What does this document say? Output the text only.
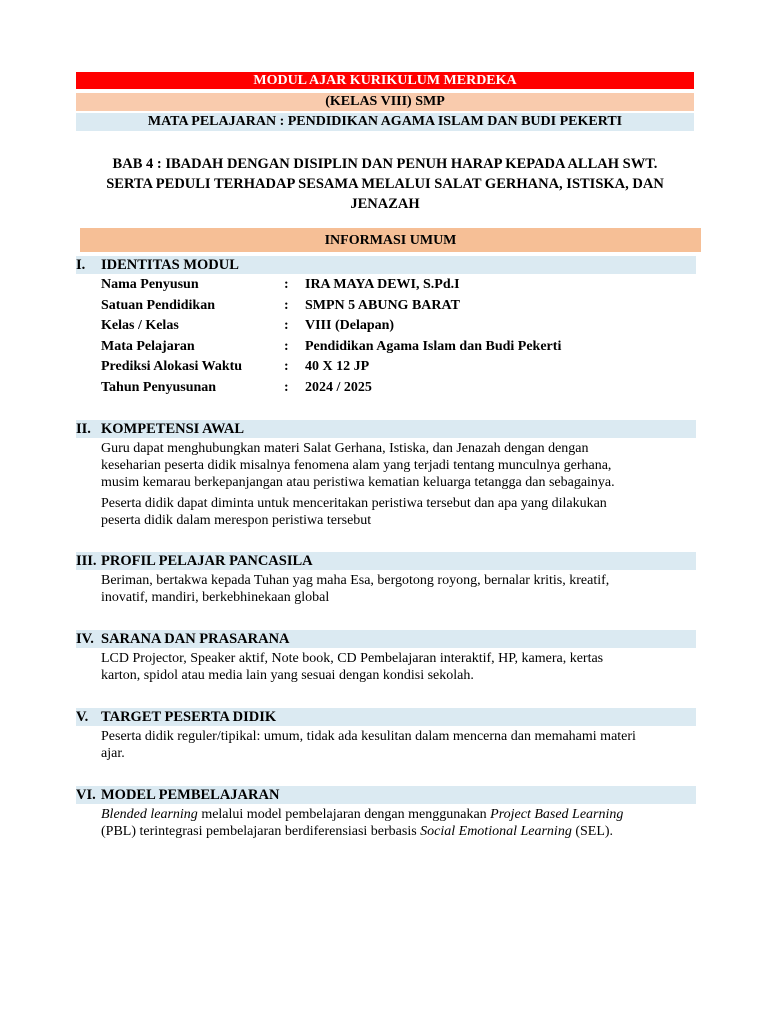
MODUL AJAR KURIKULUM MERDEKA
(KELAS VIII) SMP
MATA PELAJARAN : PENDIDIKAN AGAMA ISLAM DAN BUDI PEKERTI
BAB 4 : IBADAH DENGAN DISIPLIN DAN PENUH HARAP KEPADA ALLAH SWT.
SERTA PEDULI TERHADAP SESAMA MELALUI SALAT GERHANA, ISTISKA, DAN
JENAZAH
INFORMASI UMUM
I. IDENTITAS MODUL
Nama Penyusun	: IRA MAYA DEWI, S.Pd.I
Satuan Pendidikan	: SMPN 5 ABUNG BARAT
Kelas / Kelas	: VIII (Delapan)
Mata Pelajaran	: Pendidikan Agama Islam dan Budi Pekerti
Prediksi Alokasi Waktu	: 40 X 12 JP
Tahun Penyusunan	: 2024 / 2025
II. KOMPETENSI AWAL
Guru dapat menghubungkan materi Salat Gerhana, Istiska, dan Jenazah dengan dengan
keseharian peserta didik misalnya fenomena alam yang terjadi tentang munculnya gerhana,
musim kemarau berkepanjangan atau peristiwa kematian keluarga tetangga dan sebagainya.
Peserta didik dapat diminta untuk menceritakan peristiwa tersebut dan apa yang dilakukan
peserta didik dalam merespon peristiwa tersebut
III. PROFIL PELAJAR PANCASILA
Beriman, bertakwa kepada Tuhan yag maha Esa, bergotong royong, bernalar kritis, kreatif,
inovatif, mandiri, berkebhinekaan global
IV. SARANA DAN PRASARANA
LCD Projector, Speaker aktif, Note book, CD Pembelajaran interaktif, HP, kamera, kertas
karton, spidol atau media lain yang sesuai dengan kondisi sekolah.
V. TARGET PESERTA DIDIK
Peserta didik reguler/tipikal: umum, tidak ada kesulitan dalam mencerna dan memahami materi
ajar.
VI. MODEL PEMBELAJARAN
Blended learning melalui model pembelajaran dengan menggunakan Project Based Learning
(PBL) terintegrasi pembelajaran berdiferensiasi berbasis Social Emotional Learning (SEL).
